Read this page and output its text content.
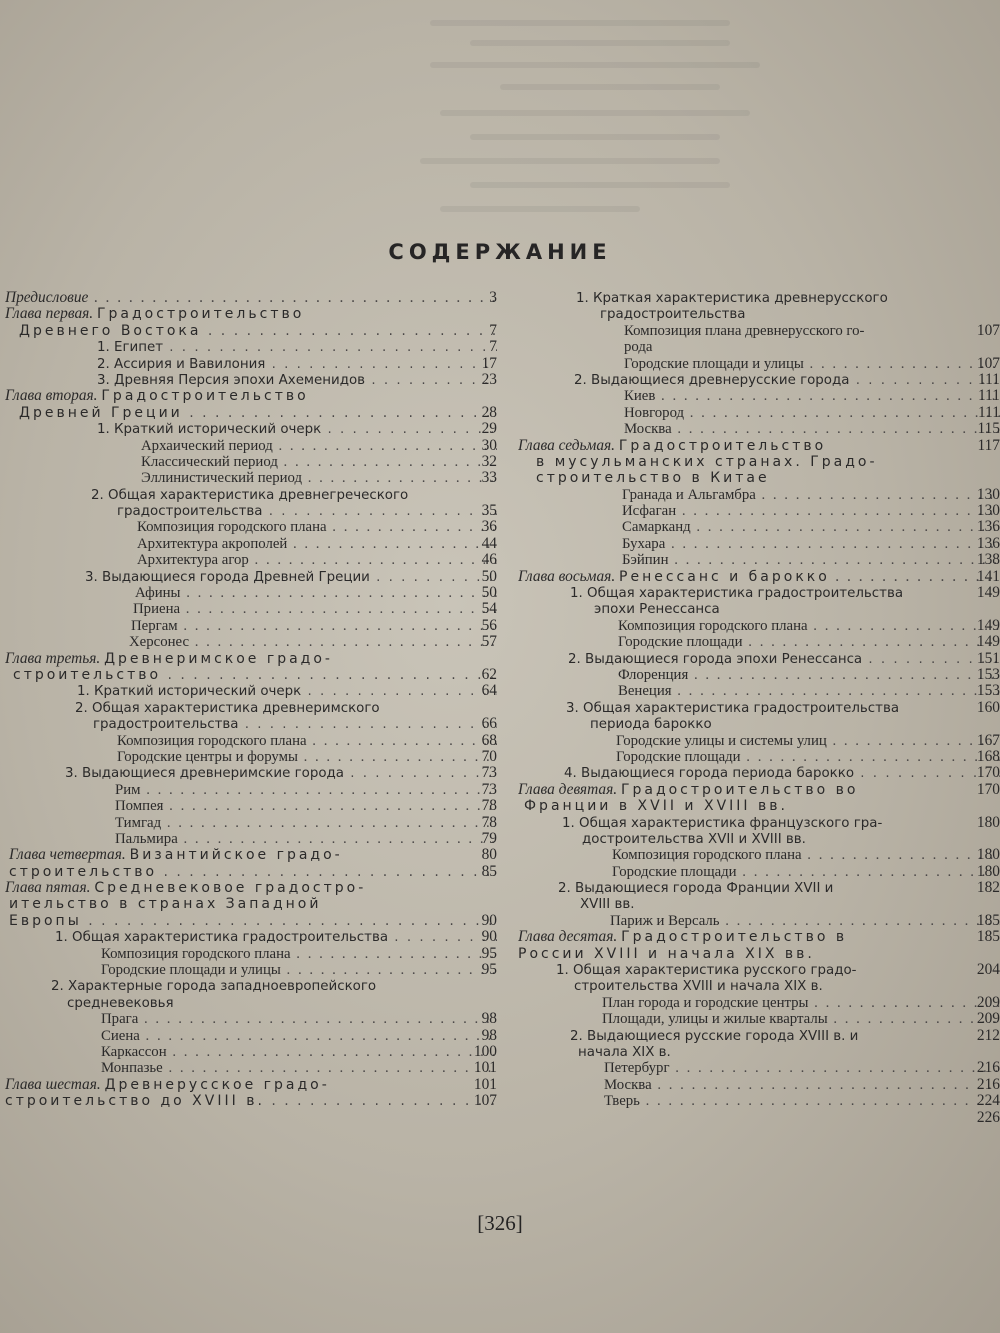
СОДЕРЖАНИЕ
Предисловие . . .	3
Глава первая. Градостроительство
Древнего Востока . . .	7
1. Египет . . .	7
2. Ассирия и Вавилония . . .	17
3. Древняя Персия эпохи Ахеменидов . . .	23
Глава вторая. Градостроительство
Древней Греции . . .	28
1. Краткий исторический очерк . . .	29
Архаический период . . .	30
Классический период . . .	32
Эллинистический период . . .	33
2. Общая характеристика древнегреческого
градостроительства . . .	35
Композиция городского плана . . .	36
Архитектура акрополей . . .	44
Архитектура агор . . .	46
3. Выдающиеся города Древней Греции . . .	50
Афины . . .	50
Приена . . .	54
Пергам . . .	56
Херсонес . . .	57
Глава третья. Древнеримское градо-
строительство . . .	62
1. Краткий исторический очерк . . .	64
2. Общая характеристика древнеримского
градостроительства . . .	66
Композиция городского плана . . .	68
Городские центры и форумы . . .	70
3. Выдающиеся древнеримские города . . .	73
Рим . . .	73
Помпея . . .	78
Тимгад . . .	78
Пальмира . . .	79
Глава четвертая. Византийское градо-	80
строительство . . .	85
Глава пятая. Средневековое градостро-
ительство в странах Западной
Европы . . .	90
1. Общая характеристика градостроительства . . .	90
Композиция городского плана . . .	95
Городские площади и улицы . . .	95
2. Характерные города западноевропейского
средневековья
Прага . . .	98
Сиена . . .	98
Каркассон . . .	100
Монпазье . . .	101
Глава шестая. Древнерусское градо-	101
строительство до XVIII в. . . .	107
1. Краткая характеристика древнерусского
градостроительства
Композиция плана древнерусского го-	107
рода
Городские площади и улицы . . .	107
2. Выдающиеся древнерусские города . . .	111
Киев . . .	111
Новгород . . .	111
Москва . . .	115
Глава седьмая. Градостроительство	117
в мусульманских странах. Градо-
строительство в Китае
Гранада и Альгамбра . . .	130
Исфаган . . .	130
Самарканд . . .	136
Бухара . . .	136
Бэйпин . . .	138
Глава восьмая. Ренессанс и барокко . . .	141
1. Общая характеристика градостроительства	149
эпохи Ренессанса
Композиция городского плана . . .	149
Городские площади . . .	149
2. Выдающиеся города эпохи Ренессанса . . .	151
Флоренция . . .	153
Венеция . . .	153
3. Общая характеристика градостроительства	160
периода барокко
Городские улицы и системы улиц . . .	167
Городские площади . . .	168
4. Выдающиеся города периода барокко . . .	170
Глава девятая. Градостроительство во	170
Франции в XVII и XVIII вв.
1. Общая характеристика французского гра-	180
достроительства XVII и XVIII вв.
Композиция городского плана . . .	180
Городские площади . . .	180
2. Выдающиеся города Франции XVII и	182
XVIII вв.
Париж и Версаль . . .	185
Глава десятая. Градостроительство в	185
России XVIII и начала XIX вв.
1. Общая характеристика русского градо-	204
строительства XVIII и начала XIX в.
План города и городские центры . . .	209
Площади, улицы и жилые кварталы . . .	209
2. Выдающиеся русские города XVIII в. и	212
начала XIX в.
Петербург . . .	216
Москва . . .	216
Тверь . . .	224
226
[326]
